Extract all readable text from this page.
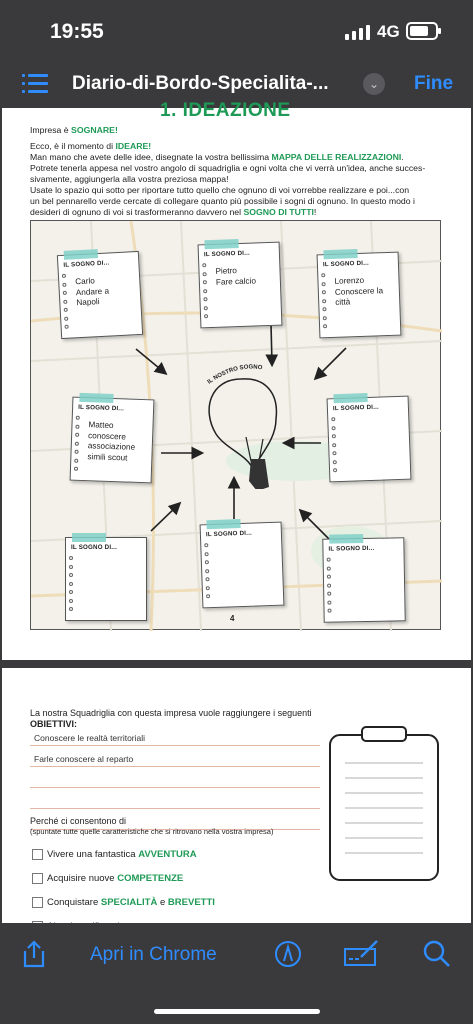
19:55	4G
Diario-di-Bordo-Specialita-...	⌄	Fine
1. IDEAZIONE
Impresa è SOGNARE!
Ecco, è il momento di IDEARE!
Man mano che avete delle idee, disegnate la vostra bellissima MAPPA DELLE REALIZZAZIONI.
Potrete tenerla appesa nel vostro angolo di squadriglia e ogni volta che vi verrà un'idea, anche succes-
sivamente, aggiungerla alla vostra preziosa mappa!
Usate lo spazio qui sotto per riportare tutto quello che ognuno di voi vorrebbe realizzare e poi...con
un bel pennarello verde cercate di collegare quanto più possibile i sogni di ognuno. In questo modo i
desideri di ognuno di voi si trasformeranno davvero nel SOGNO DI TUTTI!
IL NOSTRO SOGNO
IL SOGNO DI...
Carlo
Andare a
Napoli
IL SOGNO DI...
Pietro
Fare calcio
IL SOGNO DI...
Lorenzo
Conoscere la
città
IL SOGNO DI...
Matteo
conoscere
associazione
simili scout
IL SOGNO DI...
IL SOGNO DI...
IL SOGNO DI...
IL SOGNO DI...
4
La nostra Squadriglia con questa impresa vuole raggiungere i seguenti
OBIETTIVI:
Conoscere le realtà territoriali
Farle conoscere al reparto
Perché ci consentono di
(spuntate tutte quelle caratteristiche che si ritrovano nella vostra impresa)
Vivere una fantastica AVVENTURA
Acquisire nuove COMPETENZE
Conquistare SPECIALITÀ e BREVETTI
Apri in Chrome
